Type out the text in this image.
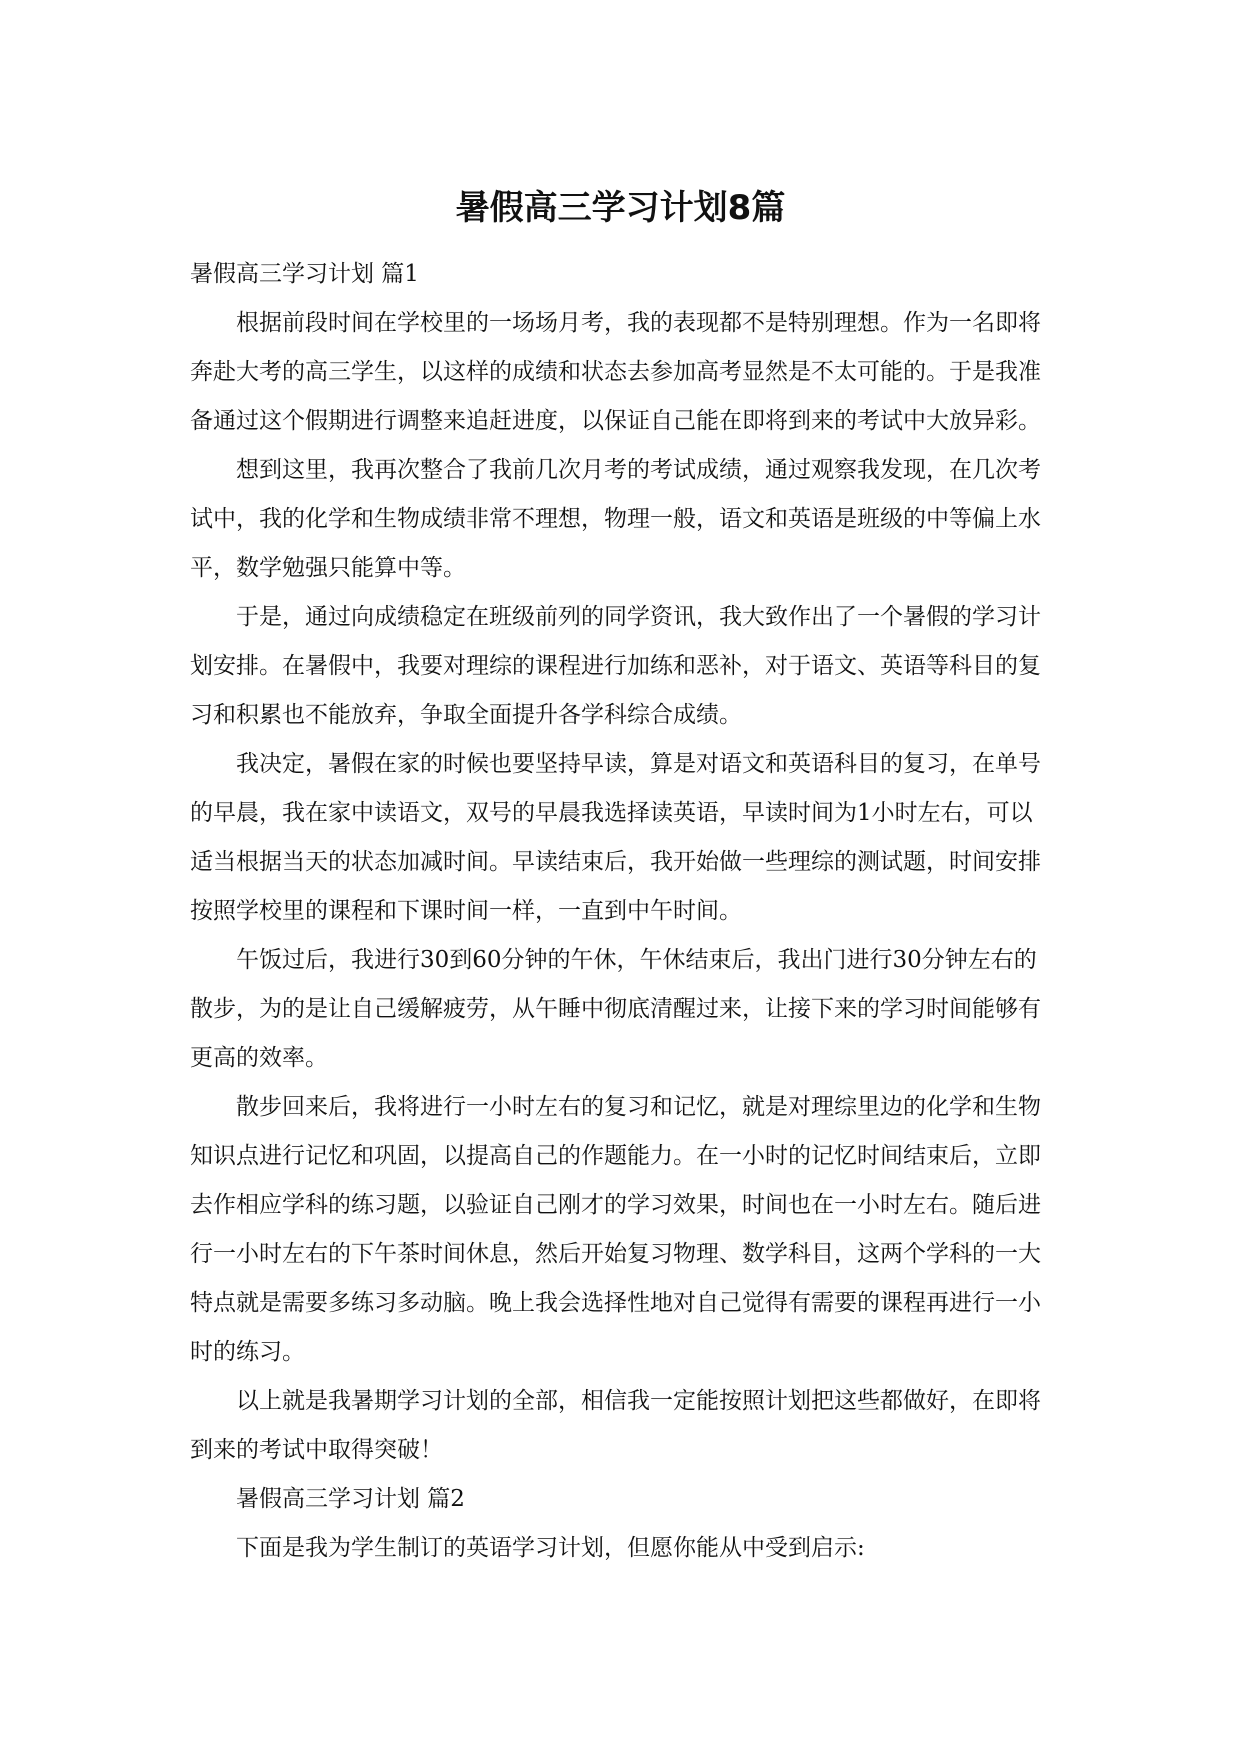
暑假高三学习计划8篇

暑假高三学习计划 篇1

根据前段时间在学校里的一场场月考，我的表现都不是特别理想。作为一名即将奔赴大考的高三学生，以这样的成绩和状态去参加高考显然是不太可能的。于是我准备通过这个假期进行调整来追赶进度，以保证自己能在即将到来的考试中大放异彩。

想到这里，我再次整合了我前几次月考的考试成绩，通过观察我发现，在几次考试中，我的化学和生物成绩非常不理想，物理一般，语文和英语是班级的中等偏上水平，数学勉强只能算中等。

于是，通过向成绩稳定在班级前列的同学资讯，我大致作出了一个暑假的学习计划安排。在暑假中，我要对理综的课程进行加练和恶补，对于语文、英语等科目的复习和积累也不能放弃，争取全面提升各学科综合成绩。

我决定，暑假在家的时候也要坚持早读，算是对语文和英语科目的复习，在单号的早晨，我在家中读语文，双号的早晨我选择读英语，早读时间为1小时左右，可以适当根据当天的状态加减时间。早读结束后，我开始做一些理综的测试题，时间安排按照学校里的课程和下课时间一样，一直到中午时间。

午饭过后，我进行30到60分钟的午休，午休结束后，我出门进行30分钟左右的散步，为的是让自己缓解疲劳，从午睡中彻底清醒过来，让接下来的学习时间能够有更高的效率。

散步回来后，我将进行一小时左右的复习和记忆，就是对理综里边的化学和生物知识点进行记忆和巩固，以提高自己的作题能力。在一小时的记忆时间结束后，立即去作相应学科的练习题，以验证自己刚才的学习效果，时间也在一小时左右。随后进行一小时左右的下午茶时间休息，然后开始复习物理、数学科目，这两个学科的一大特点就是需要多练习多动脑。晚上我会选择性地对自己觉得有需要的课程再进行一小时的练习。

以上就是我暑期学习计划的全部，相信我一定能按照计划把这些都做好，在即将到来的考试中取得突破！

暑假高三学习计划 篇2

下面是我为学生制订的英语学习计划，但愿你能从中受到启示:
